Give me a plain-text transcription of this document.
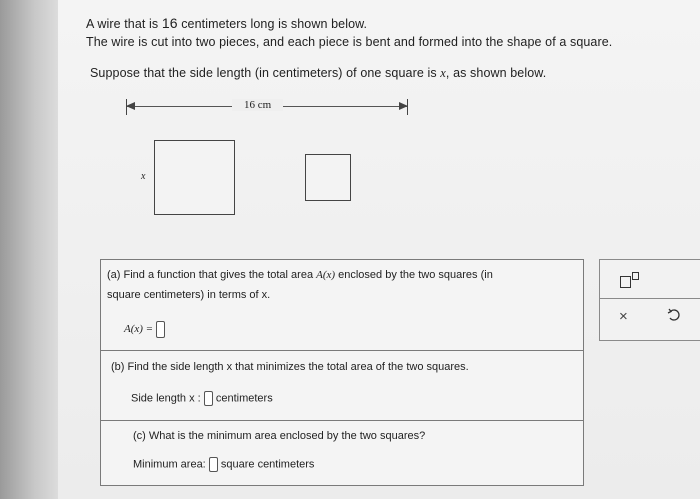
A wire that is 16 centimeters long is shown below.
The wire is cut into two pieces, and each piece is bent and formed into the shape of a square.
Suppose that the side length (in centimeters) of one square is x, as shown below.
16 cm
x
(a) Find a function that gives the total area A(x) enclosed by the two squares (in
square centimeters) in terms of x.
A(x) =
(b) Find the side length x that minimizes the total area of the two squares.
Side length x : centimeters
(c) What is the minimum area enclosed by the two squares?
Minimum area: square centimeters
×
